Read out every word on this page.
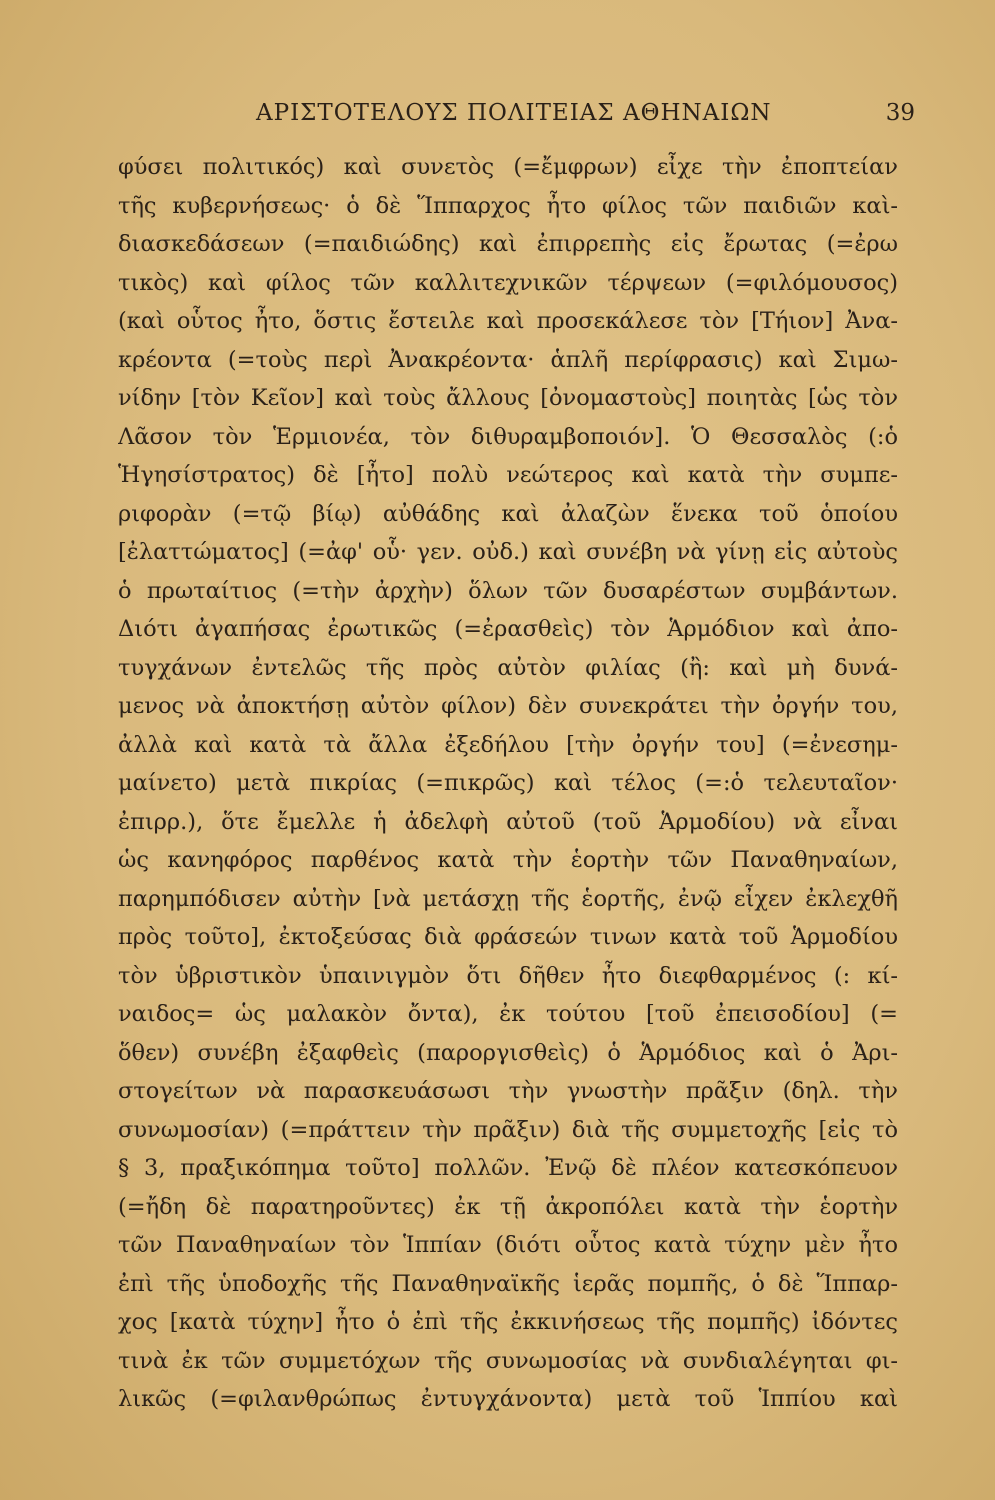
ΑΡΙΣΤΟΤΕΛΟΥΣ ΠΟΛΙΤΕΙΑΣ ΑΘΗΝΑΙΩΝ	39
φύσει πολιτικός) καὶ συνετὸς (=ἔμφρων) εἶχε τὴν ἐποπτείαν
τῆς κυβερνήσεως· ὁ δὲ Ἵππαρχος ἦτο φίλος τῶν παιδιῶν καὶ-
διασκεδάσεων (=παιδιώδης) καὶ ἐπιρρεπὴς εἰς ἔρωτας (=ἐρω
τικὸς) καὶ φίλος τῶν καλλιτεχνικῶν τέρψεων (=φιλόμουσος)
(καὶ οὗτος ἦτο, ὅστις ἔστειλε καὶ προσεκάλεσε τὸν [Τήιον] Ἀνα-
κρέοντα (=τοὺς περὶ Ἀνακρέοντα· ἁπλῆ περίφρασις) καὶ Σιμω-
νίδην [τὸν Κεῖον] καὶ τοὺς ἄλλους [ὀνομαστοὺς] ποιητὰς [ὡς τὸν
Λᾶσον τὸν Ἑρμιονέα, τὸν διθυραμβοποιόν]. Ὁ Θεσσαλὸς (:ὁ
Ἡγησίστρατος) δὲ [ἦτο] πολὺ νεώτερος καὶ κατὰ τὴν συμπε-
ριφορὰν (=τῷ βίῳ) αὐθάδης καὶ ἀλαζὼν ἕνεκα τοῦ ὁποίου
[ἐλαττώματος] (=ἀφ' οὗ· γεν. οὐδ.) καὶ συνέβη νὰ γίνῃ εἰς αὐτοὺς
ὁ πρωταίτιος (=τὴν ἀρχὴν) ὅλων τῶν δυσαρέστων συμβάντων.
Διότι ἀγαπήσας ἐρωτικῶς (=ἐρασθεὶς) τὸν Ἁρμόδιον καὶ ἀπο-
τυγχάνων ἐντελῶς τῆς πρὸς αὐτὸν φιλίας (ἢ: καὶ μὴ δυνά-
μενος νὰ ἀποκτήσῃ αὐτὸν φίλον) δὲν συνεκράτει τὴν ὀργήν του,
ἀλλὰ καὶ κατὰ τὰ ἄλλα ἐξεδήλου [τὴν ὀργήν του] (=ἐνεσημ-
μαίνετο) μετὰ πικρίας (=πικρῶς) καὶ τέλος (=:ὁ τελευταῖον·
ἐπιρρ.), ὅτε ἔμελλε ἡ ἀδελφὴ αὐτοῦ (τοῦ Ἁρμοδίου) νὰ εἶναι
ὡς κανηφόρος παρθένος κατὰ τὴν ἑορτὴν τῶν Παναθηναίων,
παρημπόδισεν αὐτὴν [νὰ μετάσχῃ τῆς ἑορτῆς, ἐνῷ εἶχεν ἐκλεχθῆ
πρὸς τοῦτο], ἐκτοξεύσας διὰ φράσεών τινων κατὰ τοῦ Ἁρμοδίου
τὸν ὑβριστικὸν ὑπαινιγμὸν ὅτι δῆθεν ἦτο διεφθαρμένος (: κί-
ναιδος= ὡς μαλακὸν ὄντα), ἐκ τούτου [τοῦ ἐπεισοδίου] (=
ὅθεν) συνέβη ἐξαφθεὶς (παροργισθεὶς) ὁ Ἁρμόδιος καὶ ὁ Ἀρι-
στογείτων νὰ παρασκευάσωσι τὴν γνωστὴν πρᾶξιν (δηλ. τὴν
συνωμοσίαν) (=πράττειν τὴν πρᾶξιν) διὰ τῆς συμμετοχῆς [εἰς τὸ
§ 3, πραξικόπημα τοῦτο] πολλῶν. Ἐνῷ δὲ πλέον κατεσκόπευον
(=ἤδη δὲ παρατηροῦντες) ἐκ τῇ ἀκροπόλει κατὰ τὴν ἑορτὴν
τῶν Παναθηναίων τὸν Ἱππίαν (διότι οὗτος κατὰ τύχην μὲν ἦτο
ἐπὶ τῆς ὑποδοχῆς τῆς Παναθηναϊκῆς ἱερᾶς πομπῆς, ὁ δὲ Ἵππαρ-
χος [κατὰ τύχην] ἦτο ὁ ἐπὶ τῆς ἐκκινήσεως τῆς πομπῆς) ἰδόντες
τινὰ ἐκ τῶν συμμετόχων τῆς συνωμοσίας νὰ συνδιαλέγηται φι-
λικῶς (=φιλανθρώπως ἐντυγχάνοντα) μετὰ τοῦ Ἱππίου καὶ
